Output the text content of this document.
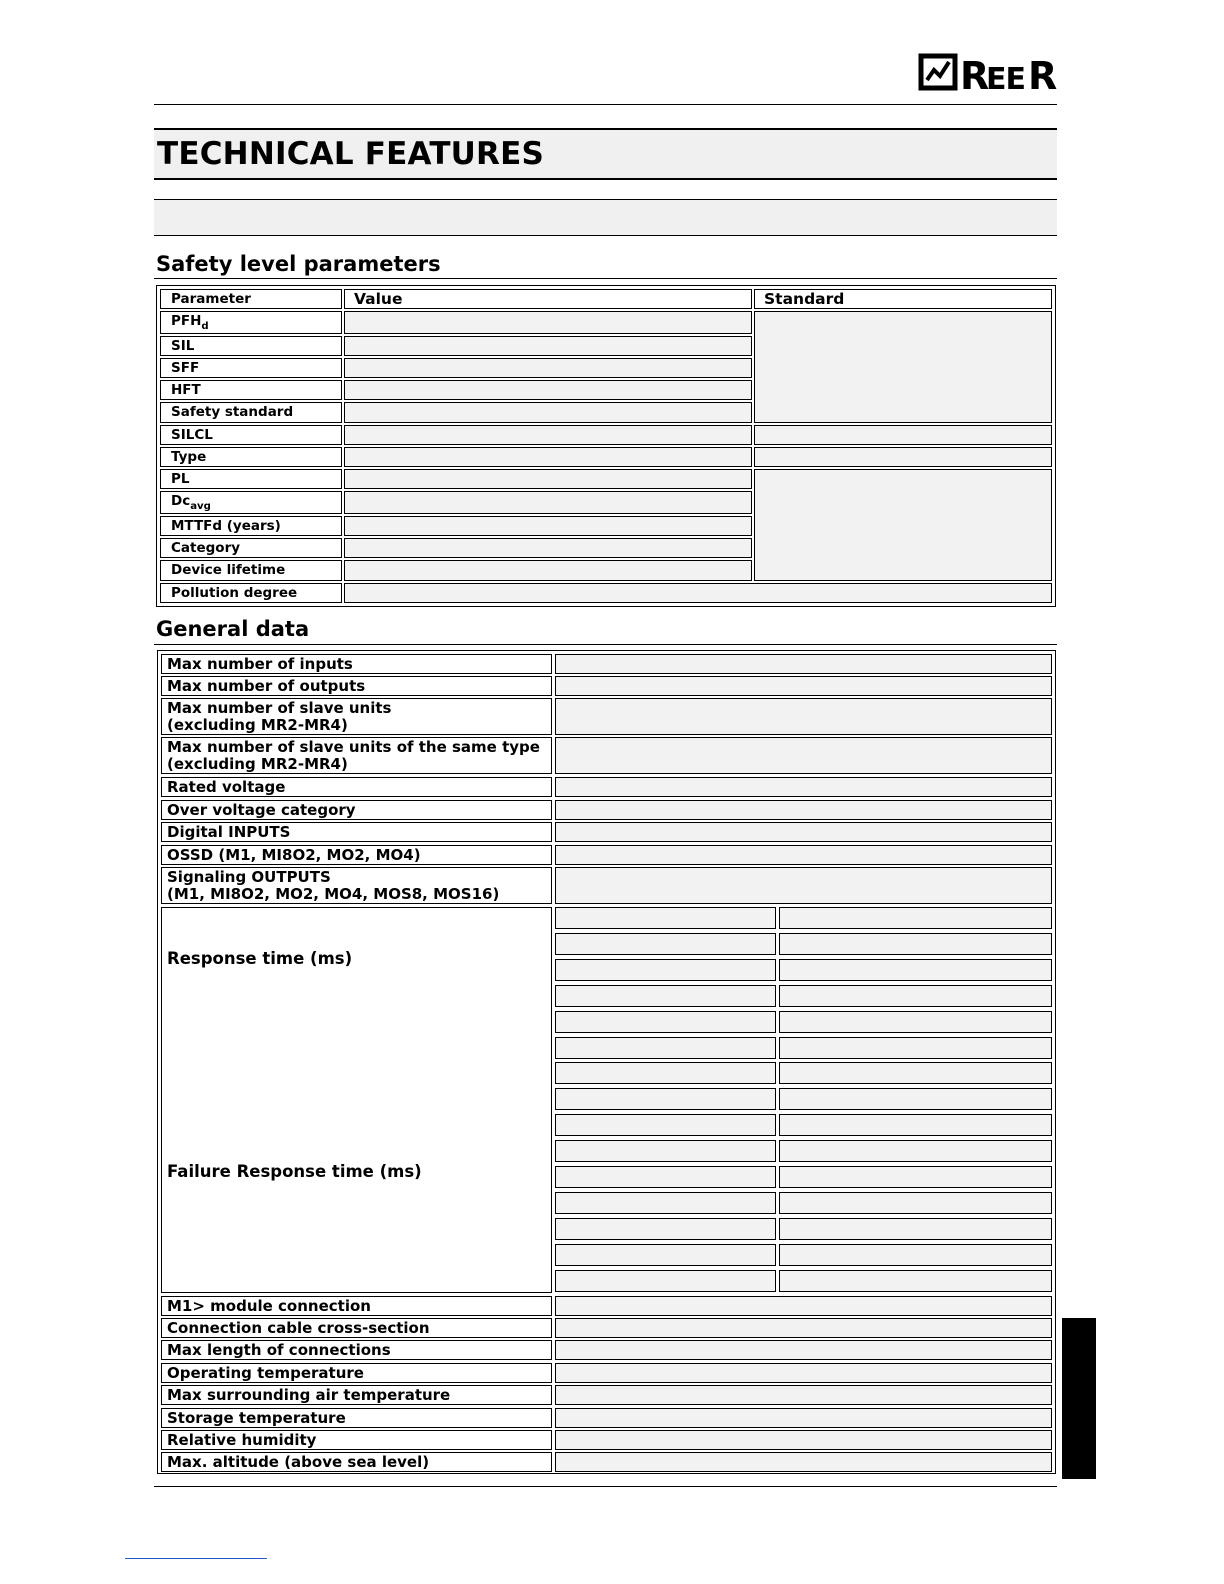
R
EE R
TECHNICAL FEATURES
Safety level parameters
Parameter	Value	Standard
$PFH_d$
SIL
SFF
HFT
Safety standard
SILCL
Type
PL
$Dc_{avg}$
MTTFd (years)
Category
Device lifetime
Pollution degree
General data
Max number of inputs
Max number of outputs
Max number of slave units
(excluding MR2-MR4)
Max number of slave units of the same type
(excluding MR2-MR4)
Rated voltage
Over voltage category
Digital INPUTS
OSSD (M1, MI8O2, MO2, MO4)
Signaling OUTPUTS
(M1, MI8O2, MO2, MO4, MOS8, MOS16)
Response time (ms)
Failure Response time (ms)
M1> module connection
Connection cable cross-section
Max length of connections
Operating temperature
Max surrounding air temperature
Storage temperature
Relative humidity
Max. altitude (above sea level)
